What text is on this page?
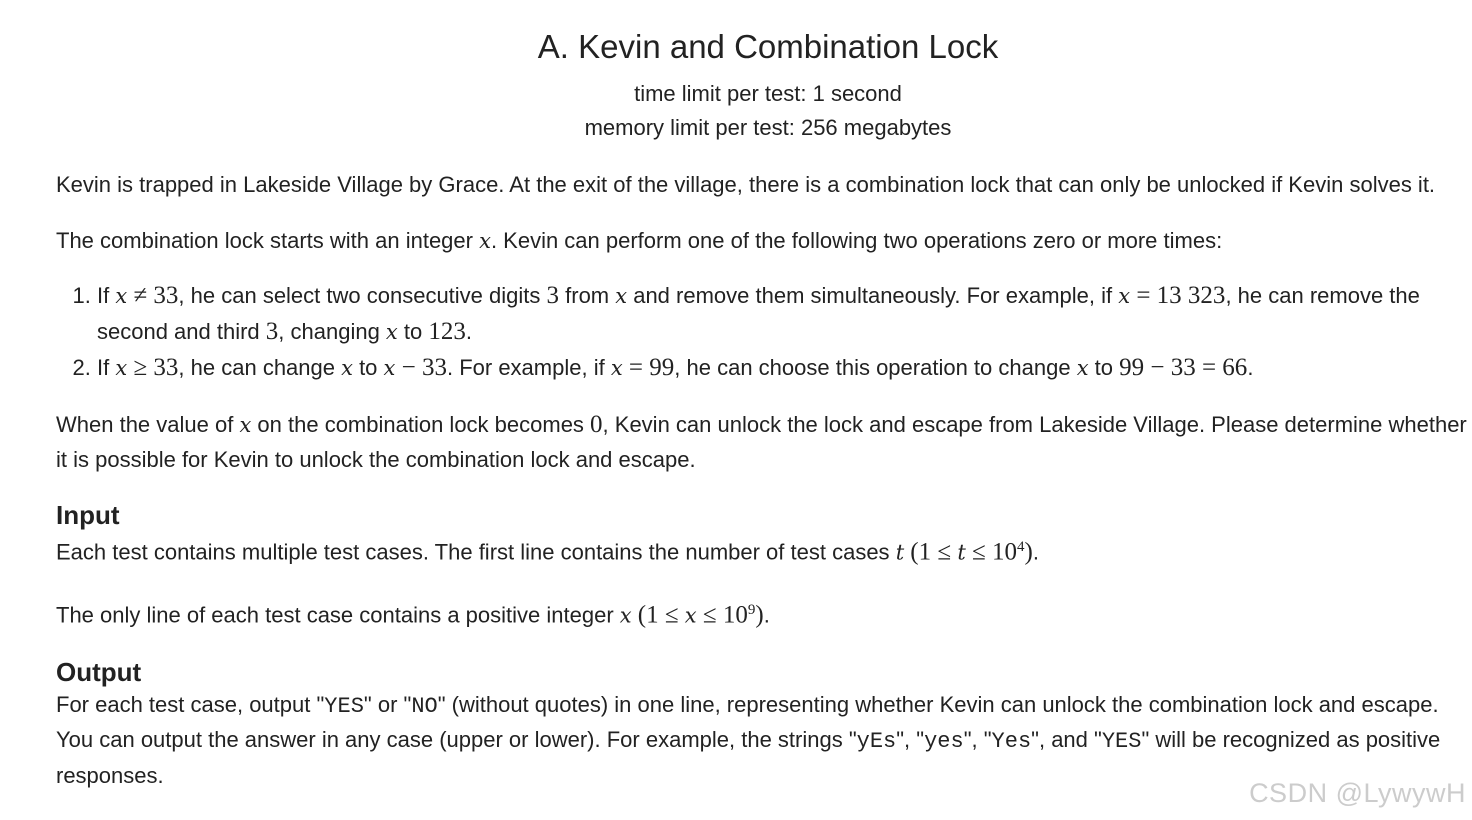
A. Kevin and Combination Lock
time limit per test: 1 second
memory limit per test: 256 megabytes

Kevin is trapped in Lakeside Village by Grace. At the exit of the village, there is a combination lock that can only be unlocked if Kevin solves it.

The combination lock starts with an integer x. Kevin can perform one of the following two operations zero or more times:

1. If x ≠ 33, he can select two consecutive digits 3 from x and remove them simultaneously. For example, if x = 13 323, he can remove the second and third 3, changing x to 123.
2. If x ≥ 33, he can change x to x − 33. For example, if x = 99, he can choose this operation to change x to 99 − 33 = 66.

When the value of x on the combination lock becomes 0, Kevin can unlock the lock and escape from Lakeside Village. Please determine whether it is possible for Kevin to unlock the combination lock and escape.

Input

Each test contains multiple test cases. The first line contains the number of test cases t $(1 \le t \le 10^4)$.

The only line of each test case contains a positive integer x $(1 \le x \le 10^9)$.

Output

For each test case, output "YES" or "NO" (without quotes) in one line, representing whether Kevin can unlock the combination lock and escape. You can output the answer in any case (upper or lower). For example, the strings "yEs", "yes", "Yes", and "YES" will be recognized as positive responses.

CSDN @LywywH
